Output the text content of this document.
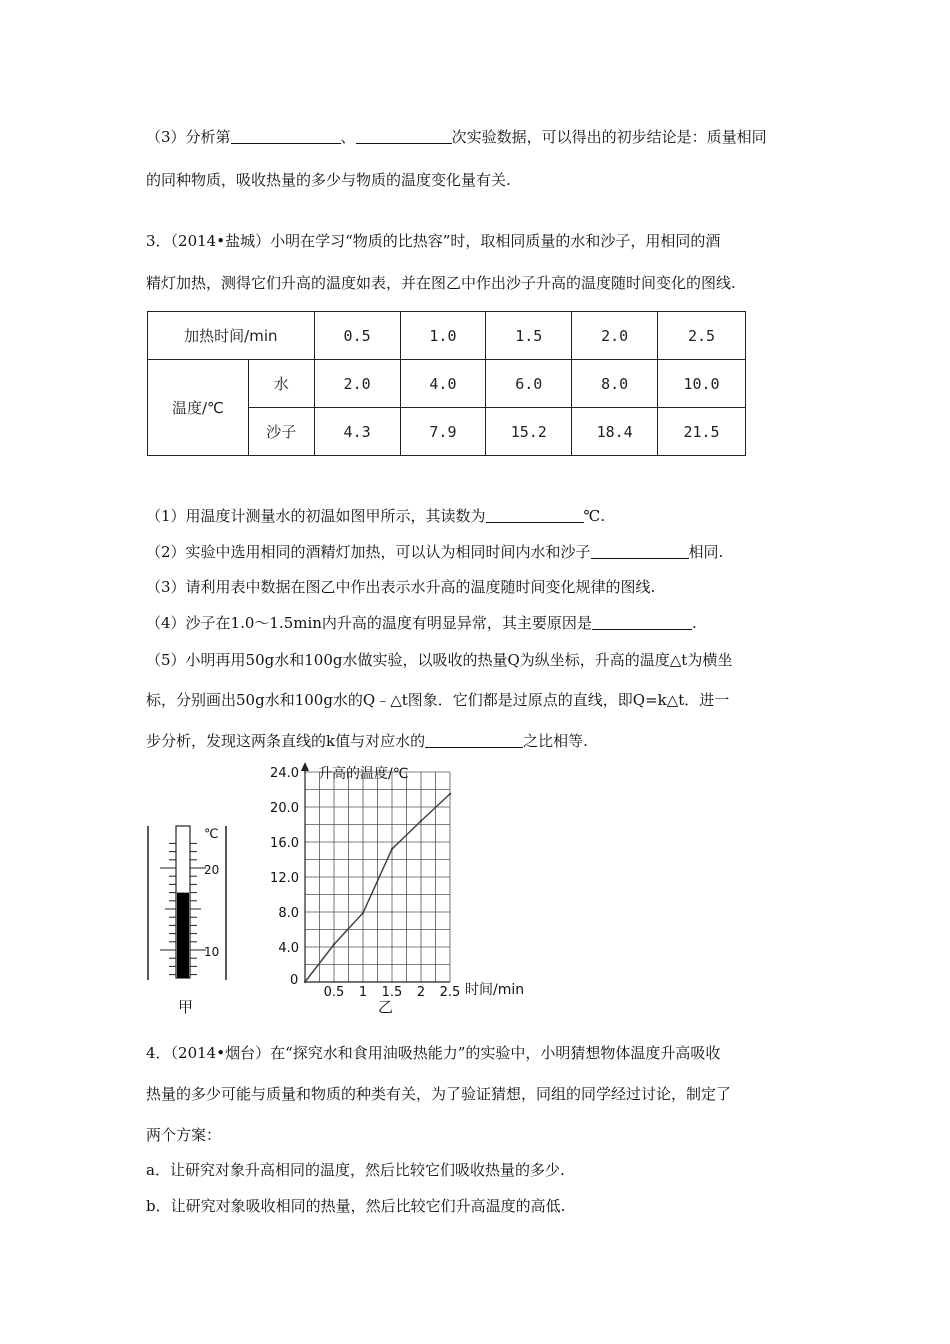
（3）分析第	、	次实验数据，可以得出的初步结论是：质量相同
的同种物质，吸收热量的多少与物质的温度变化量有关.
3．（2014•盐城）小明在学习“物质的比热容”时，取相同质量的水和沙子，用相同的酒
精灯加热，测得它们升高的温度如表，并在图乙中作出沙子升高的温度随时间变化的图线.
加热时间/min		0.5	1.0	1.5	2.0	2.5
温度/℃	水	2.0	4.0	6.0	8.0	10.0
	沙子	4.3	7.9	15.2	18.4	21.5
（1）用温度计测量水的初温如图甲所示，其读数为	℃.
（2）实验中选用相同的酒精灯加热，可以认为相同时间内水和沙子	相同.
（3）请利用表中数据在图乙中作出表示水升高的温度随时间变化规律的图线.
（4）沙子在1.0～1.5min内升高的温度有明显异常，其主要原因是	.
（5）小明再用50g水和100g水做实验，以吸收的热量Q为纵坐标，升高的温度△t为横坐
标，分别画出50g水和100g水的Q﹣△t图象．它们都是过原点的直线，即Q=k△t．进一
步分析，发现这两条直线的k值与对应水的	之比相等.
℃
20
10
甲
升高的温度/℃
时间/min
0
0.5 1 1.5 2 2.5
4.0
8.0
12.0
16.0
20.0
24.0
乙
4．（2014•烟台）在“探究水和食用油吸热能力”的实验中，小明猜想物体温度升高吸收
热量的多少可能与质量和物质的种类有关，为了验证猜想，同组的同学经过讨论，制定了
两个方案：
a．让研究对象升高相同的温度，然后比较它们吸收热量的多少.
b．让研究对象吸收相同的热量，然后比较它们升高温度的高低.
